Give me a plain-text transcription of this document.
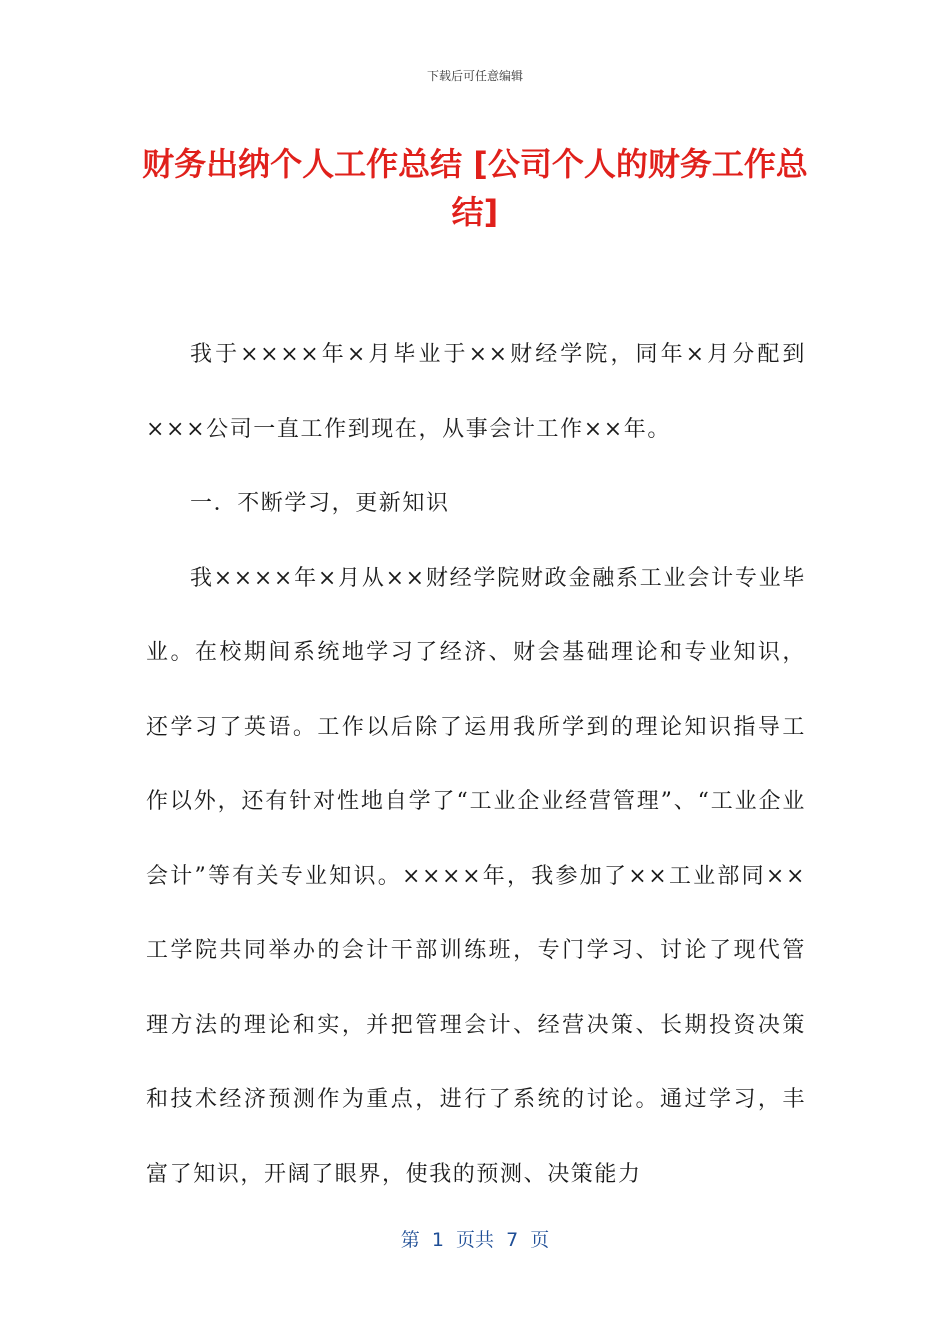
下载后可任意编辑
财务出纳个人工作总结 [公司个人的财务工作总结]

我于××××年×月毕业于××财经学院，同年×月分配到×××公司一直工作到现在，从事会计工作××年。

一．不断学习，更新知识

我××××年×月从××财经学院财政金融系工业会计专业毕业。在校期间系统地学习了经济、财会基础理论和专业知识，还学习了英语。工作以后除了运用我所学到的理论知识指导工作以外，还有针对性地自学了“工业企业经营管理”、“工业企业会计”等有关专业知识。××××年，我参加了××工业部同××工学院共同举办的会计干部训练班，专门学习、讨论了现代管理方法的理论和实，并把管理会计、经营决策、长期投资决策和技术经济预测作为重点，进行了系统的讨论。通过学习，丰富了知识，开阔了眼界，使我的预测、决策能力

第  1  页共  7  页
